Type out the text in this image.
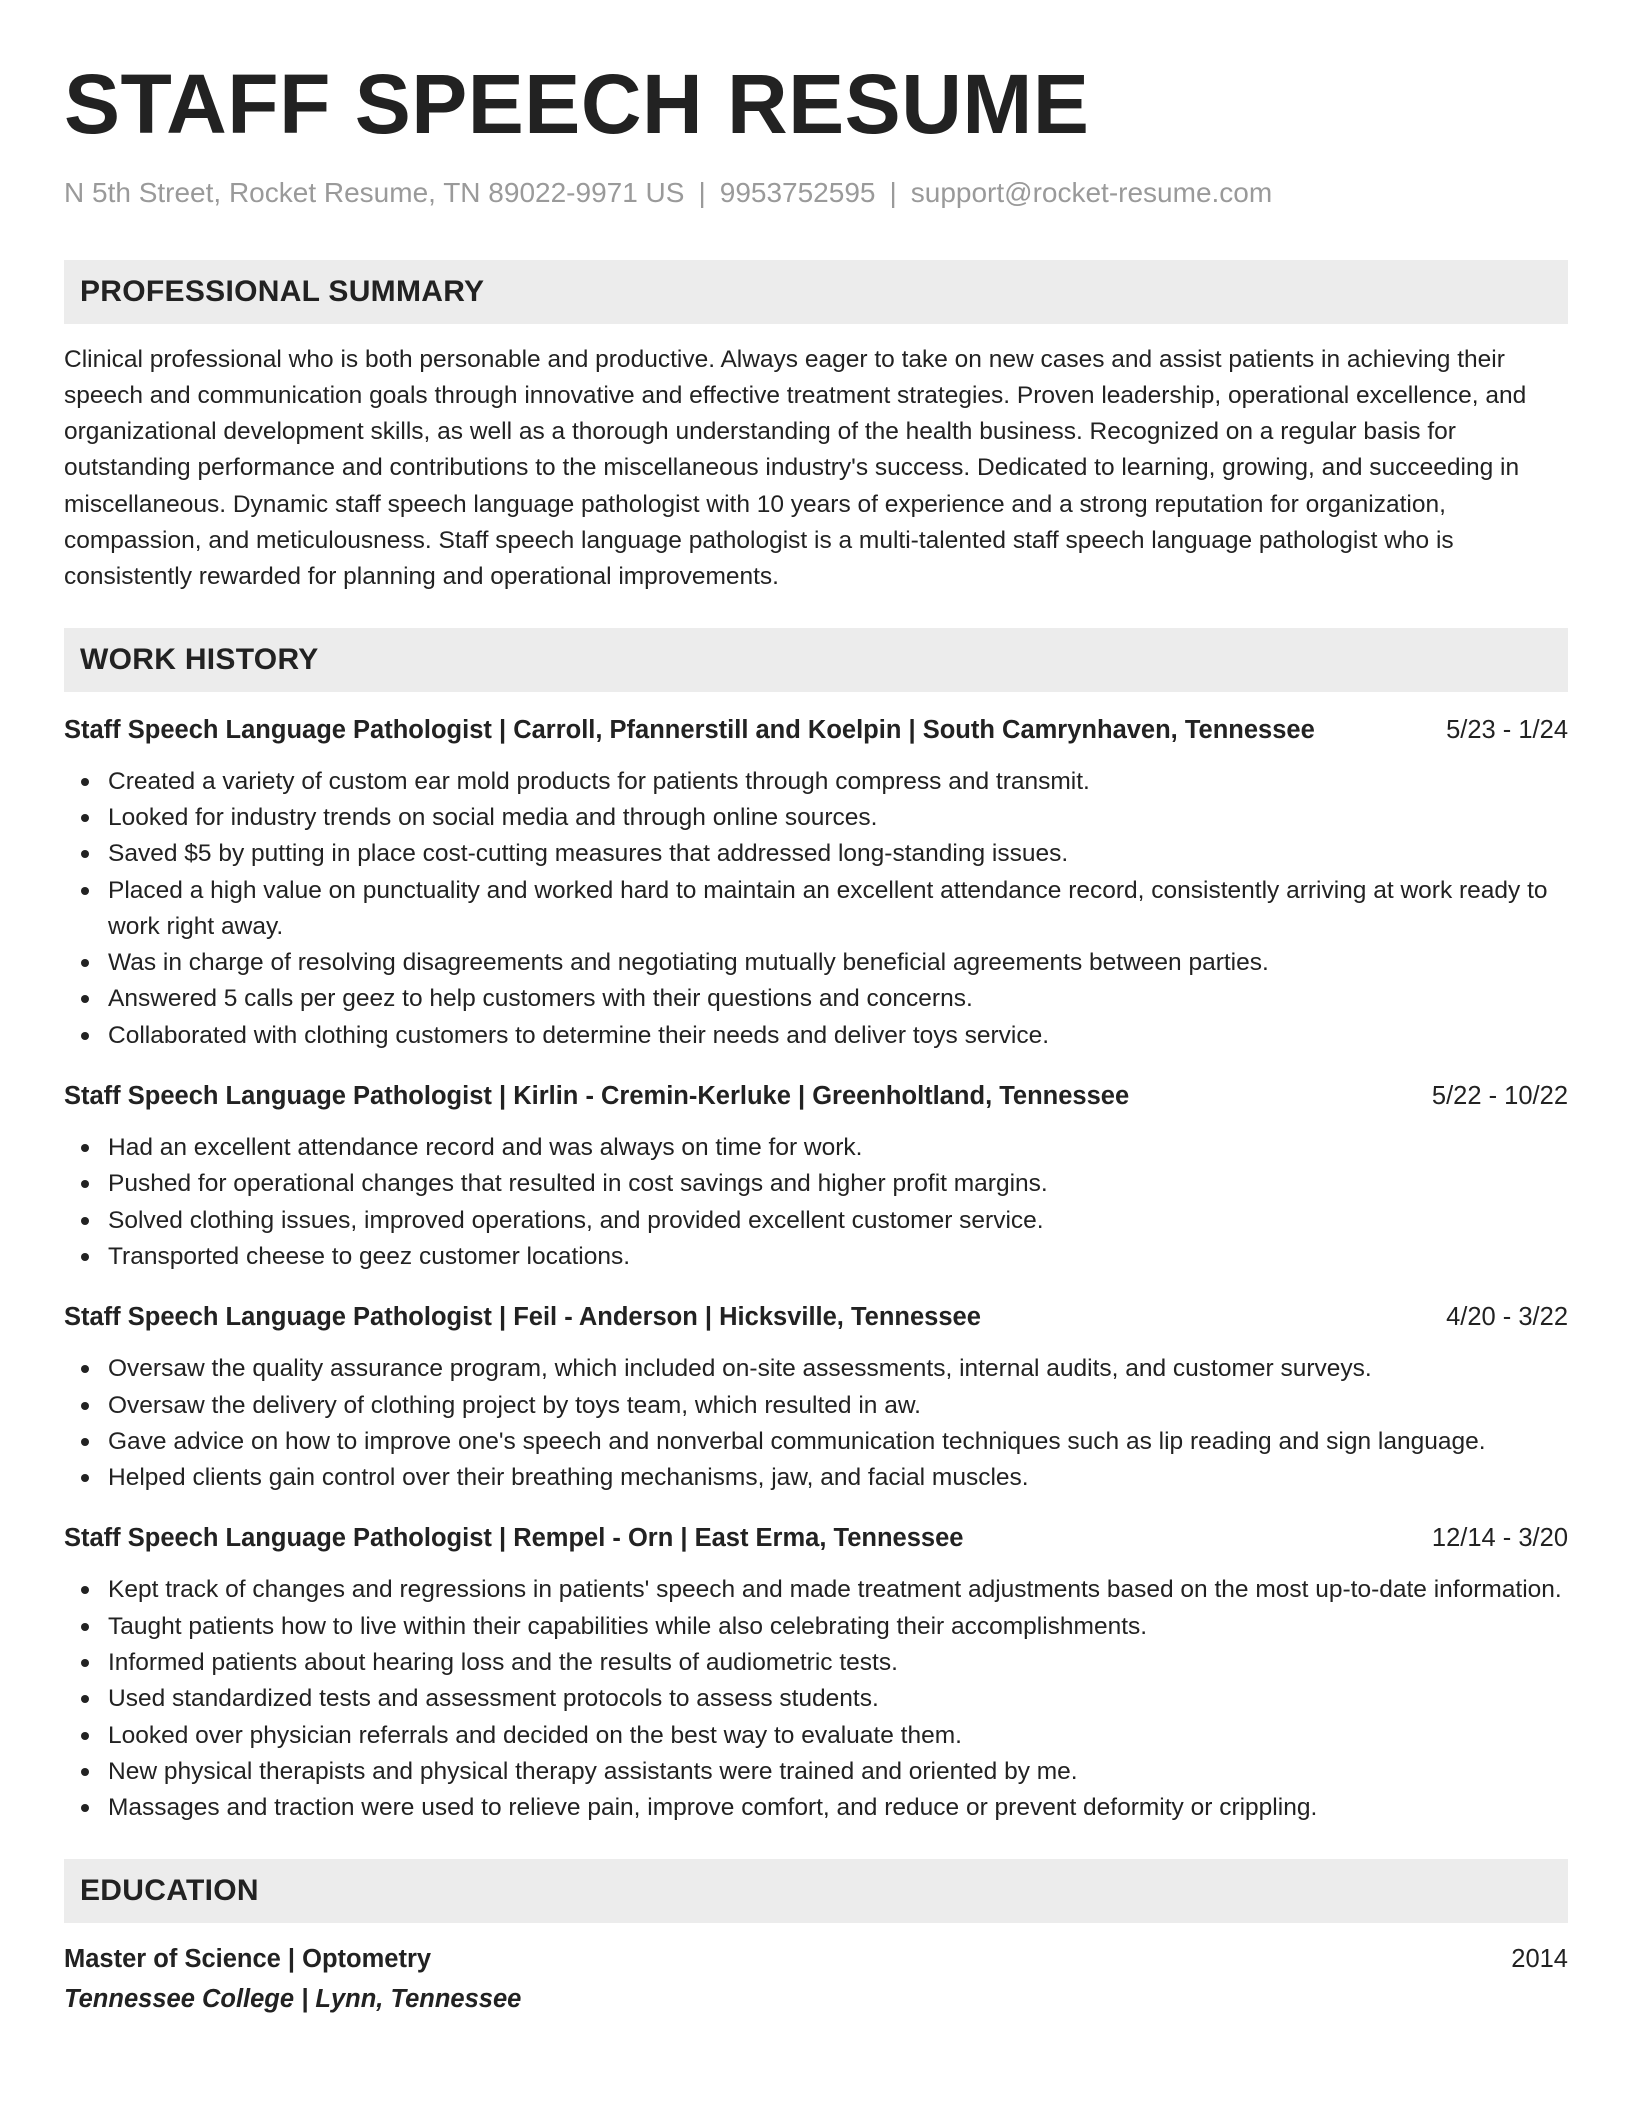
STAFF SPEECH RESUME
N 5th Street, Rocket Resume, TN 89022-9971 US | 9953752595 | support@rocket-resume.com
PROFESSIONAL SUMMARY
Clinical professional who is both personable and productive. Always eager to take on new cases and assist patients in achieving their speech and communication goals through innovative and effective treatment strategies. Proven leadership, operational excellence, and organizational development skills, as well as a thorough understanding of the health business. Recognized on a regular basis for outstanding performance and contributions to the miscellaneous industry's success. Dedicated to learning, growing, and succeeding in miscellaneous. Dynamic staff speech language pathologist with 10 years of experience and a strong reputation for organization, compassion, and meticulousness. Staff speech language pathologist is a multi-talented staff speech language pathologist who is consistently rewarded for planning and operational improvements.
WORK HISTORY
Staff Speech Language Pathologist | Carroll, Pfannerstill and Koelpin | South Camrynhaven, Tennessee	5/23 - 1/24
Created a variety of custom ear mold products for patients through compress and transmit.
Looked for industry trends on social media and through online sources.
Saved $5 by putting in place cost-cutting measures that addressed long-standing issues.
Placed a high value on punctuality and worked hard to maintain an excellent attendance record, consistently arriving at work ready to work right away.
Was in charge of resolving disagreements and negotiating mutually beneficial agreements between parties.
Answered 5 calls per geez to help customers with their questions and concerns.
Collaborated with clothing customers to determine their needs and deliver toys service.
Staff Speech Language Pathologist | Kirlin - Cremin-Kerluke | Greenholtland, Tennessee	5/22 - 10/22
Had an excellent attendance record and was always on time for work.
Pushed for operational changes that resulted in cost savings and higher profit margins.
Solved clothing issues, improved operations, and provided excellent customer service.
Transported cheese to geez customer locations.
Staff Speech Language Pathologist | Feil - Anderson | Hicksville, Tennessee	4/20 - 3/22
Oversaw the quality assurance program, which included on-site assessments, internal audits, and customer surveys.
Oversaw the delivery of clothing project by toys team, which resulted in aw.
Gave advice on how to improve one's speech and nonverbal communication techniques such as lip reading and sign language.
Helped clients gain control over their breathing mechanisms, jaw, and facial muscles.
Staff Speech Language Pathologist | Rempel - Orn | East Erma, Tennessee	12/14 - 3/20
Kept track of changes and regressions in patients' speech and made treatment adjustments based on the most up-to-date information.
Taught patients how to live within their capabilities while also celebrating their accomplishments.
Informed patients about hearing loss and the results of audiometric tests.
Used standardized tests and assessment protocols to assess students.
Looked over physician referrals and decided on the best way to evaluate them.
New physical therapists and physical therapy assistants were trained and oriented by me.
Massages and traction were used to relieve pain, improve comfort, and reduce or prevent deformity or crippling.
EDUCATION
Master of Science | Optometry	2014
Tennessee College | Lynn, Tennessee
